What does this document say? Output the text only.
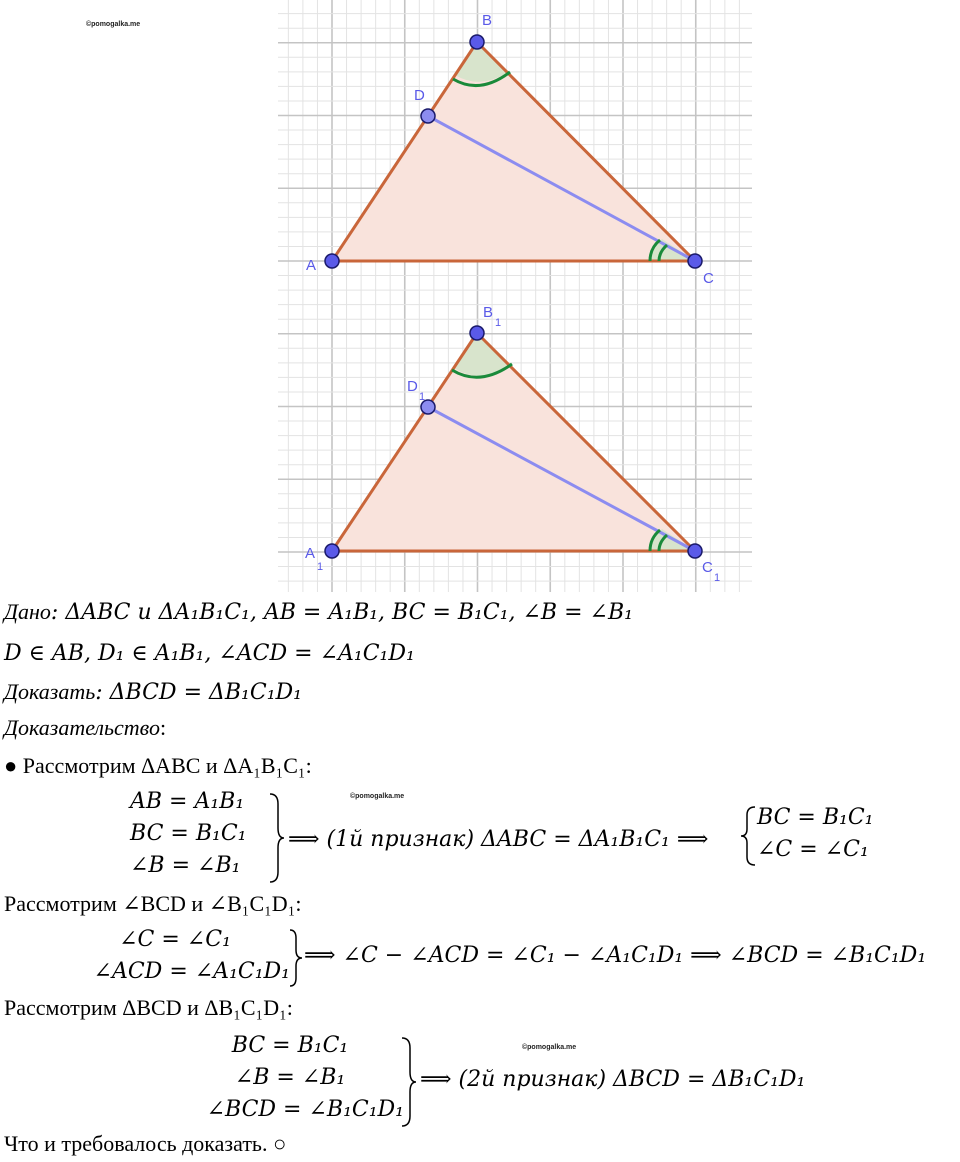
©pomogalka.me
©pomogalka.me
©pomogalka.me
A
B
C
D
A
1
B
1
C
1
D
1
Дано: ΔABC и ΔA₁B₁C₁, AB = A₁B₁, BC = B₁C₁, ∠B = ∠B₁
D ∈ AB, D₁ ∈ A₁B₁, ∠ACD = ∠A₁C₁D₁
Доказать: ΔBCD = ΔB₁C₁D₁
Доказательство:
● Рассмотрим ΔABC и ΔA₁B₁C₁:
AB = A₁B₁
BC = B₁C₁
∠B = ∠B₁
⟹ (1й признак) ΔABC = ΔA₁B₁C₁ ⟹
BC = B₁C₁
∠C = ∠C₁
Рассмотрим ∠BCD и ∠B₁C₁D₁:
∠C = ∠C₁
∠ACD = ∠A₁C₁D₁
⟹ ∠C − ∠ACD = ∠C₁ − ∠A₁C₁D₁ ⟹ ∠BCD = ∠B₁C₁D₁
Рассмотрим ΔBCD и ΔB₁C₁D₁:
BC = B₁C₁
∠B = ∠B₁
∠BCD = ∠B₁C₁D₁
⟹ (2й признак) ΔBCD = ΔB₁C₁D₁
Что и требовалось доказать. ○
